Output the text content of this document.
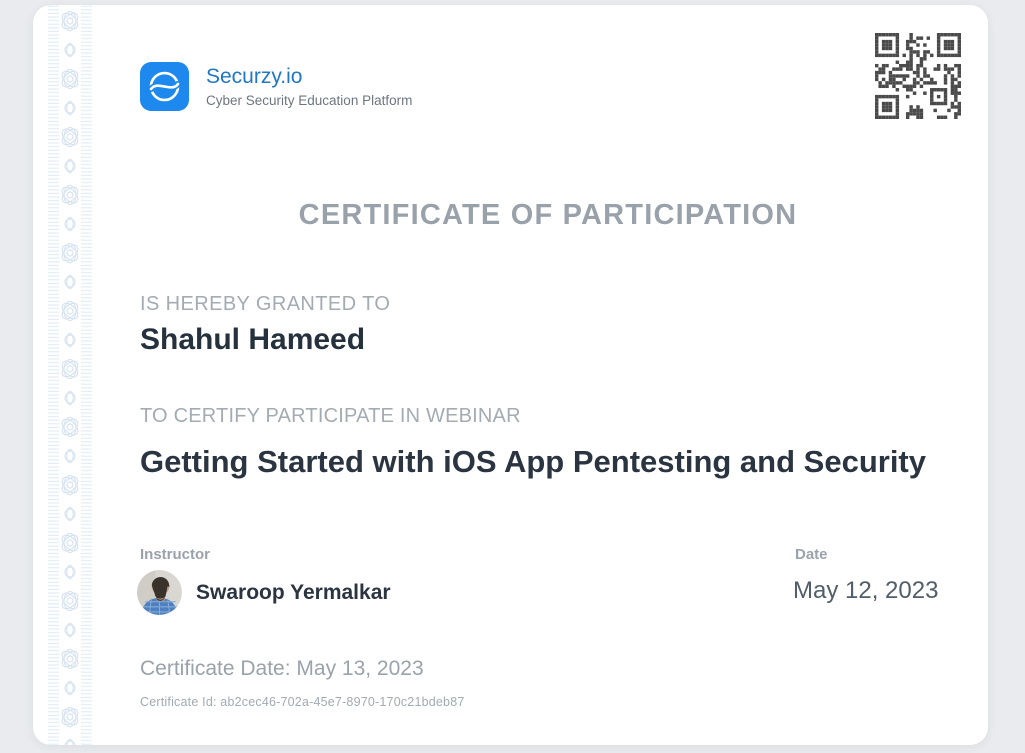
Securzy.io
Cyber Security Education Platform
CERTIFICATE OF PARTICIPATION
IS HEREBY GRANTED TO
Shahul Hameed
TO CERTIFY PARTICIPATE IN WEBINAR
Getting Started with iOS App Pentesting and Security
Instructor
Swaroop Yermalkar
Date
May 12, 2023
Certificate Date: May 13, 2023
Certificate Id: ab2cec46-702a-45e7-8970-170c21bdeb87
